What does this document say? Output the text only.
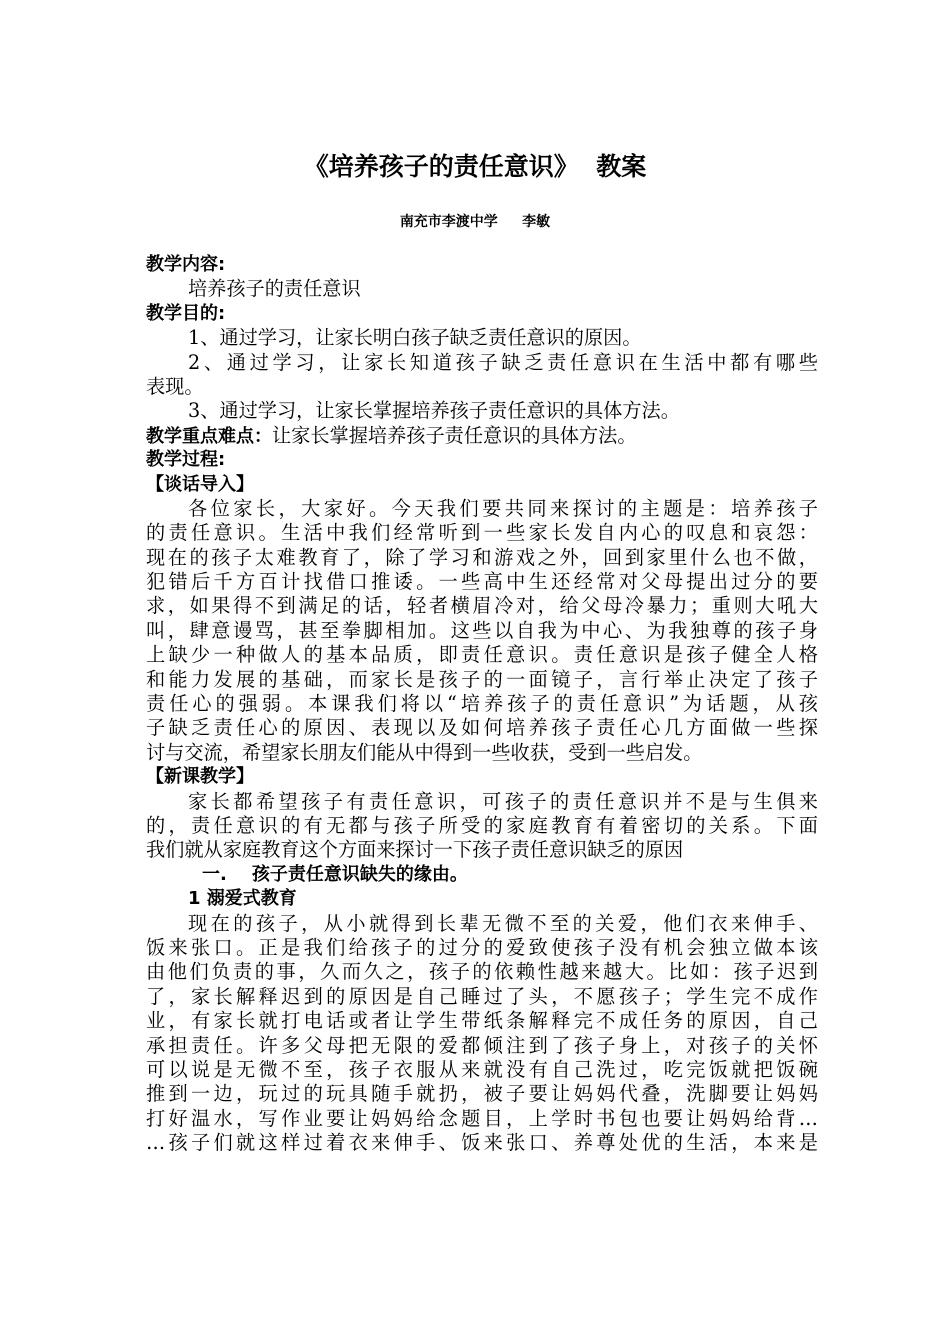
《培养孩子的责任意识》  教案
南充市李渡中学     李敏
教学内容:
培养孩子的责任意识
教学目的:
1、通过学习，让家长明白孩子缺乏责任意识的原因。
2、通过学习，让家长知道孩子缺乏责任意识在生活中都有哪些
表现。
3、通过学习，让家长掌握培养孩子责任意识的具体方法。
教学重点难点：让家长掌握培养孩子责任意识的具体方法。
教学过程:
【谈话导入】
各位家长，大家好。今天我们要共同来探讨的主题是：培养孩子
的责任意识。生活中我们经常听到一些家长发自内心的叹息和哀怨：
现在的孩子太难教育了，除了学习和游戏之外，回到家里什么也不做，
犯错后千方百计找借口推诿。一些高中生还经常对父母提出过分的要
求，如果得不到满足的话，轻者横眉冷对，给父母冷暴力；重则大吼大
叫，肆意谩骂，甚至拳脚相加。这些以自我为中心、为我独尊的孩子身
上缺少一种做人的基本品质，即责任意识。责任意识是孩子健全人格
和能力发展的基础，而家长是孩子的一面镜子，言行举止决定了孩子
责任心的强弱。本课我们将以“培养孩子的责任意识”为话题，从孩
子缺乏责任心的原因、表现以及如何培养孩子责任心几方面做一些探
讨与交流，希望家长朋友们能从中得到一些收获，受到一些启发。
【新课教学】
家长都希望孩子有责任意识，可孩子的责任意识并不是与生俱来
的，责任意识的有无都与孩子所受的家庭教育有着密切的关系。下面
我们就从家庭教育这个方面来探讨一下孩子责任意识缺乏的原因
一. 孩子责任意识缺失的缘由。
1 溺爱式教育
现在的孩子，从小就得到长辈无微不至的关爱，他们衣来伸手、
饭来张口。正是我们给孩子的过分的爱致使孩子没有机会独立做本该
由他们负责的事，久而久之，孩子的依赖性越来越大。比如：孩子迟到
了，家长解释迟到的原因是自己睡过了头，不愿孩子；学生完不成作
业，有家长就打电话或者让学生带纸条解释完不成任务的原因，自己
承担责任。许多父母把无限的爱都倾注到了孩子身上，对孩子的关怀
可以说是无微不至，孩子衣服从来就没有自己洗过，吃完饭就把饭碗
推到一边，玩过的玩具随手就扔，被子要让妈妈代叠，洗脚要让妈妈
打好温水，写作业要让妈妈给念题目，上学时书包也要让妈妈给背…
…孩子们就这样过着衣来伸手、饭来张口、养尊处优的生活，本来是
